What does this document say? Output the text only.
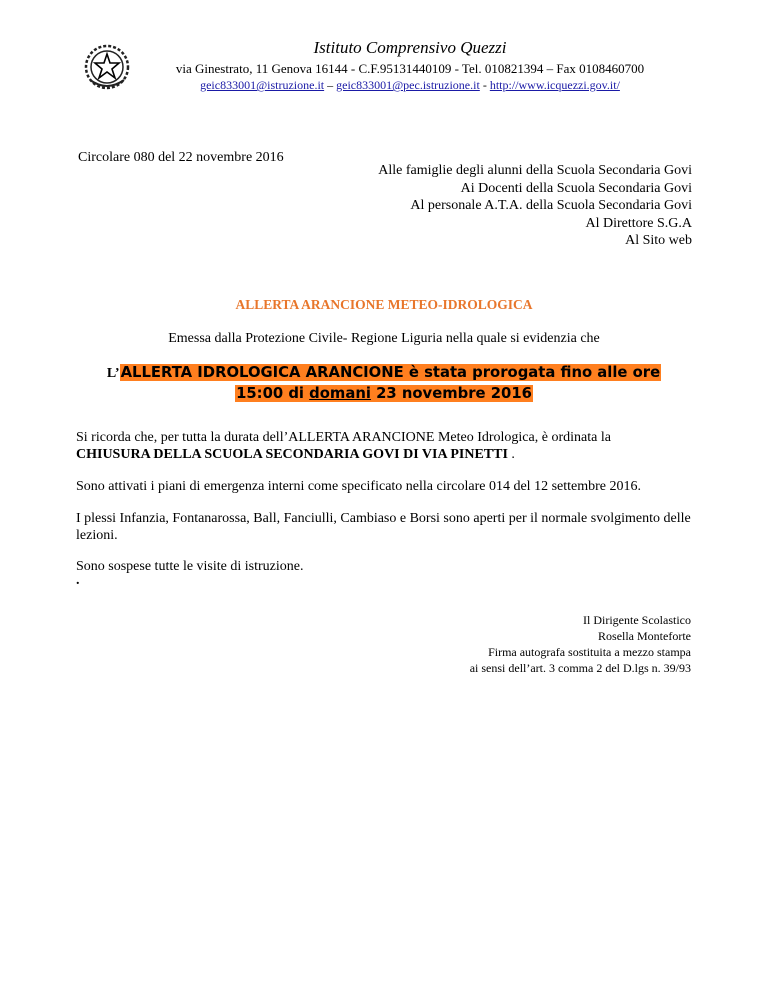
Istituto Comprensivo Quezzi
via Ginestrato, 11 Genova 16144 - C.F.95131440109 - Tel. 010821394 – Fax 0108460700
geic833001@istruzione.it – geic833001@pec.istruzione.it - http://www.icquezzi.gov.it/
Circolare 080 del 22 novembre 2016
Alle famiglie degli alunni della Scuola Secondaria Govi
Ai Docenti della Scuola Secondaria Govi
Al personale A.T.A. della Scuola Secondaria Govi
Al Direttore S.G.A
Al Sito web
ALLERTA ARANCIONE METEO-IDROLOGICA
Emessa dalla Protezione Civile- Regione Liguria nella quale si evidenzia che
L’ALLERTA IDROLOGICA ARANCIONE è stata prorogata fino alle ore
15:00 di domani 23 novembre 2016
Si ricorda che, per tutta la durata dell’ALLERTA ARANCIONE Meteo Idrologica, è ordinata la
CHIUSURA DELLA SCUOLA SECONDARIA GOVI DI VIA PINETTI .
Sono attivati i piani di emergenza interni come specificato nella circolare 014 del 12 settembre 2016.
I plessi Infanzia, Fontanarossa, Ball, Fanciulli, Cambiaso e Borsi sono aperti per il normale svolgimento delle lezioni.
Sono sospese tutte le visite di istruzione.
.
Il Dirigente Scolastico
Rosella Monteforte
Firma autografa sostituita a mezzo stampa
ai sensi dell’art. 3 comma 2 del D.lgs n. 39/93
